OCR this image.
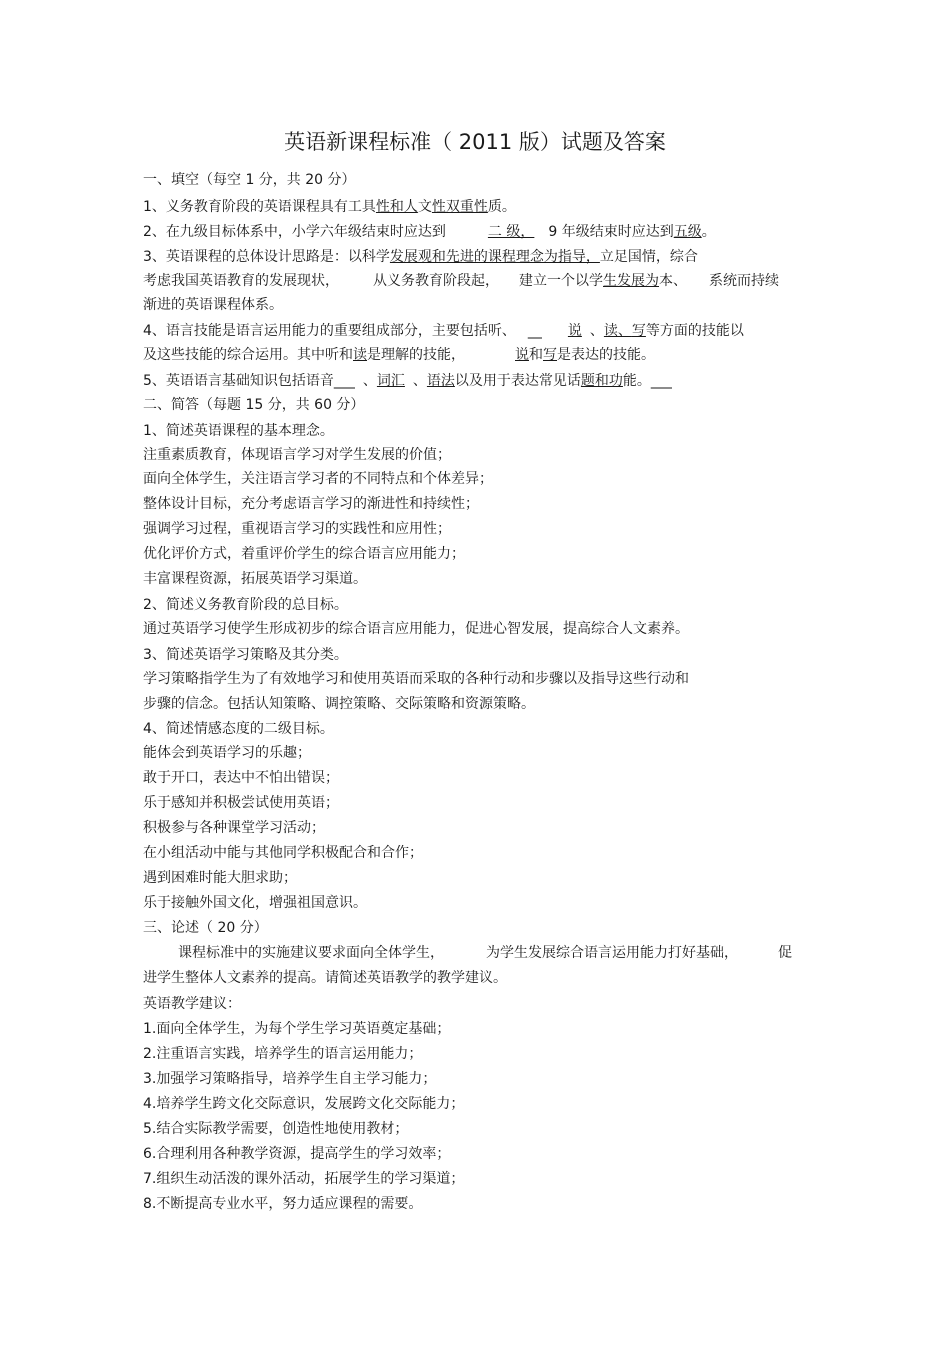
英语新课程标准（ 2011 版）试题及答案
一、填空（每空 1 分，共 20 分）
1、义务教育阶段的英语课程具有工具性和人文性双重性质。
2、在九级目标体系中，小学六年级结束时应达到	二 级， 9 年级结束时应达到五级。
3、英语课程的总体设计思路是：以科学发展观和先进的课程理念为指导，立足国情，综合
考虑我国英语教育的发展现状， 从义务教育阶段起， 建立一个以学生发展为本、 系统而持续
渐进的英语课程体系。
4、语言技能是语言运用能力的重要组成部分，主要包括听、 __ 说 、读、写等方面的技能以
及这些技能的综合运用。其中听和读是理解的技能，	说和写是表达的技能。
5、英语语言基础知识包括语音___ 、词汇 、语法以及用于表达常见话题和功能。___
二、简答（每题 15 分，共 60 分）
1、简述英语课程的基本理念。
注重素质教育，体现语言学习对学生发展的价值；
面向全体学生，关注语言学习者的不同特点和个体差异；
整体设计目标，充分考虑语言学习的渐进性和持续性；
强调学习过程，重视语言学习的实践性和应用性；
优化评价方式，着重评价学生的综合语言应用能力；
丰富课程资源，拓展英语学习渠道。
2、简述义务教育阶段的总目标。
通过英语学习使学生形成初步的综合语言应用能力，促进心智发展，提高综合人文素养。
3、简述英语学习策略及其分类。
学习策略指学生为了有效地学习和使用英语而采取的各种行动和步骤以及指导这些行动和
步骤的信念。包括认知策略、调控策略、交际策略和资源策略。
4、简述情感态度的二级目标。
能体会到英语学习的乐趣；
敢于开口，表达中不怕出错误；
乐于感知并积极尝试使用英语；
积极参与各种课堂学习活动；
在小组活动中能与其他同学积极配合和合作；
遇到困难时能大胆求助；
乐于接触外国文化，增强祖国意识。
三、论述（ 20 分）
课程标准中的实施建议要求面向全体学生，	为学生发展综合语言运用能力打好基础，	促
进学生整体人文素养的提高。请简述英语教学的教学建议。
英语教学建议：
1.面向全体学生，为每个学生学习英语奠定基础；
2.注重语言实践，培养学生的语言运用能力；
3.加强学习策略指导，培养学生自主学习能力；
4.培养学生跨文化交际意识，发展跨文化交际能力；
5.结合实际教学需要，创造性地使用教材；
6.合理利用各种教学资源，提高学生的学习效率；
7.组织生动活泼的课外活动，拓展学生的学习渠道；
8.不断提高专业水平，努力适应课程的需要。
